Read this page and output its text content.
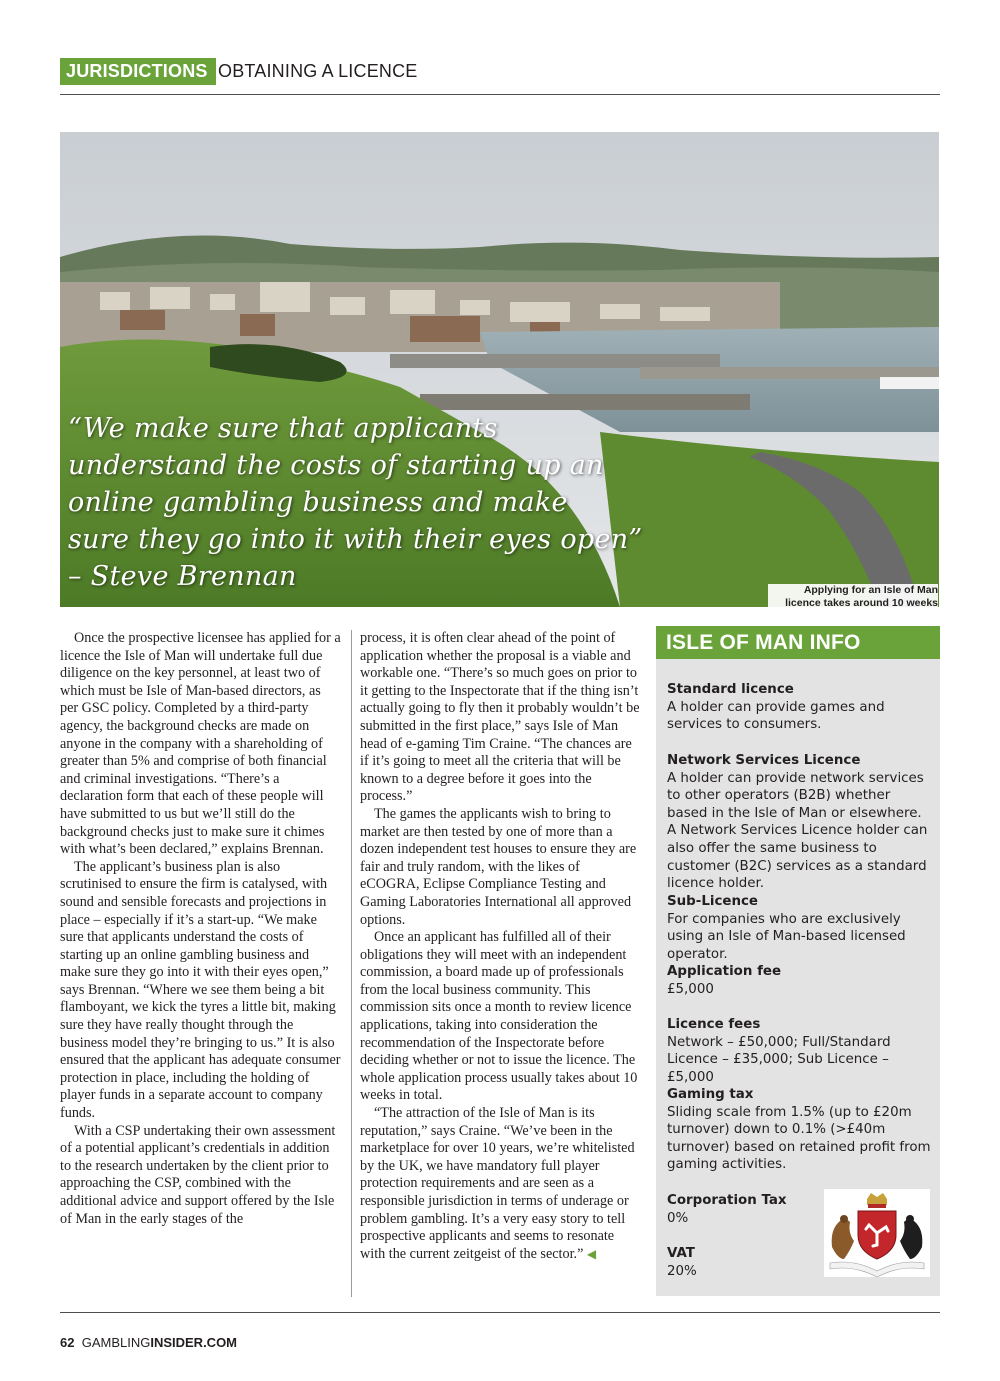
JURISDICTIONS OBTAINING A LICENCE
“We make sure that applicants
understand the costs of starting up an
online gambling business and make
sure they go into it with their eyes open”
– Steve Brennan	Applying for an Isle of Man
licence takes around 10 weeks

Once the prospective licensee has applied for a licence the Isle of Man will undertake full due diligence on the key personnel, at least two of which must be Isle of Man-based directors, as per GSC policy. Completed by a third-party agency, the background checks are made on anyone in the company with a shareholding of greater than 5% and comprise of both financial and criminal investigations. “There’s a declaration form that each of these people will have submitted to us but we’ll still do the background checks just to make sure it chimes with what’s been declared,” explains Brennan.

The applicant’s business plan is also scrutinised to ensure the firm is catalysed, with sound and sensible forecasts and projections in place – especially if it’s a start-up. “We make sure that applicants understand the costs of starting up an online gambling business and make sure they go into it with their eyes open,” says Brennan. “Where we see them being a bit flamboyant, we kick the tyres a little bit, making sure they have really thought through the business model they’re bringing to us.” It is also ensured that the applicant has adequate consumer protection in place, including the holding of player funds in a separate account to company funds.

With a CSP undertaking their own assessment of a potential applicant’s credentials in addition to the research undertaken by the client prior to approaching the CSP, combined with the additional advice and support offered by the Isle of Man in the early stages of the

process, it is often clear ahead of the point of application whether the proposal is a viable and workable one. “There’s so much goes on prior to it getting to the Inspectorate that if the thing isn’t actually going to fly then it probably wouldn’t be submitted in the first place,” says Isle of Man head of e-gaming Tim Craine. “The chances are if it’s going to meet all the criteria that will be known to a degree before it goes into the process.”

The games the applicants wish to bring to market are then tested by one of more than a dozen independent test houses to ensure they are fair and truly random, with the likes of eCOGRA, Eclipse Compliance Testing and Gaming Laboratories International all approved options.

Once an applicant has fulfilled all of their obligations they will meet with an independent commission, a board made up of professionals from the local business community. This commission sits once a month to review licence applications, taking into consideration the recommendation of the Inspectorate before deciding whether or not to issue the licence. The whole application process usually takes about 10 weeks in total.

“The attraction of the Isle of Man is its reputation,” says Craine. “We’ve been in the marketplace for over 10 years, we’re whitelisted by the UK, we have mandatory full player protection requirements and are seen as a responsible jurisdiction in terms of underage or problem gambling. It’s a very easy story to tell prospective applicants and seems to resonate with the current zeitgeist of the sector.” ◀

ISLE OF MAN INFO
Standard licence
A holder can provide games and services to consumers.
Network Services Licence
A holder can provide network services to other operators (B2B) whether based in the Isle of Man or elsewhere. A Network Services Licence holder can also offer the same business to customer (B2C) services as a standard licence holder.
Sub-Licence
For companies who are exclusively using an Isle of Man-based licensed operator.
Application fee
£5,000
Licence fees
Network – £50,000; Full/Standard Licence – £35,000; Sub Licence – £5,000
Gaming tax
Sliding scale from 1.5% (up to £20m turnover) down to 0.1% (>£40m turnover) based on retained profit from gaming activities.
Corporation Tax
0%
VAT
20%
62 GAMBLINGINSIDER.COM
